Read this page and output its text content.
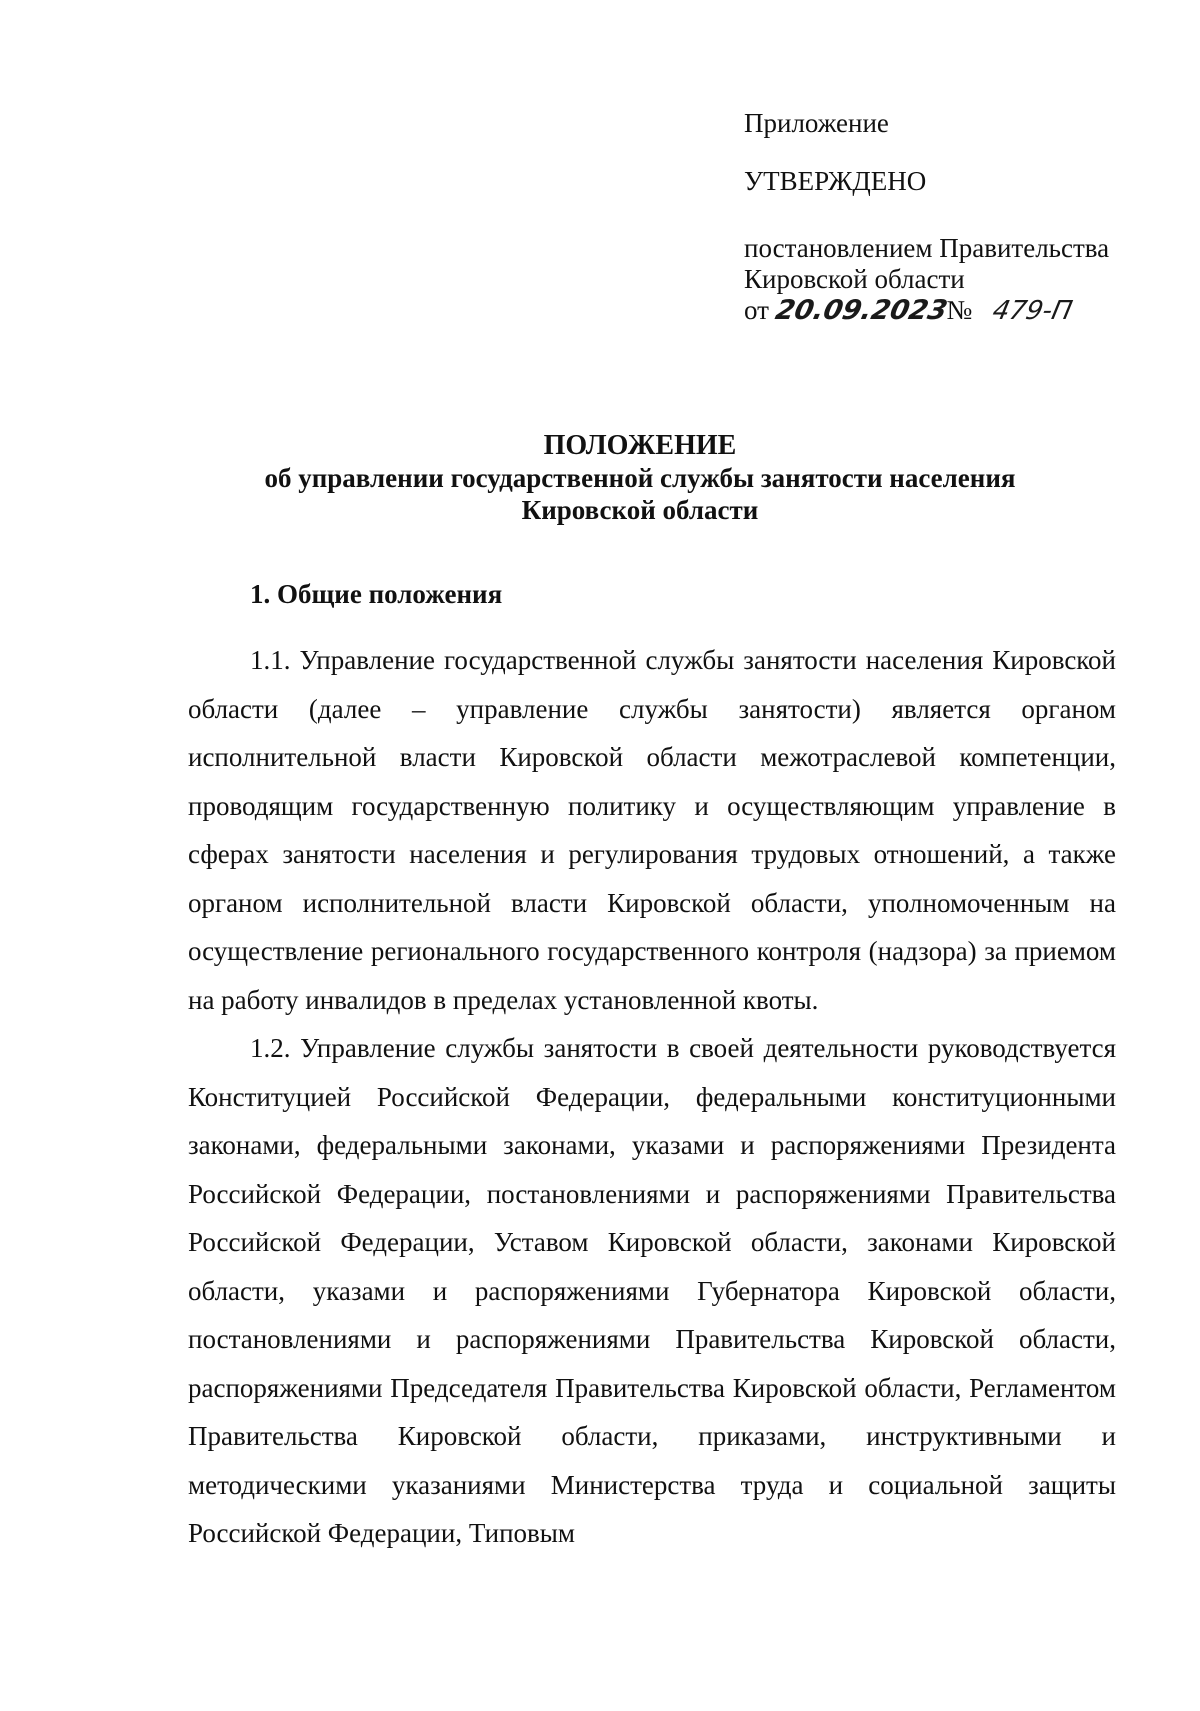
Приложение

УТВЕРЖДЕНО

постановлением Правительства

Кировской области

от 20.09.2023№ 479-П

ПОЛОЖЕНИЕ
об управлении государственной службы занятости населения
Кировской области
1. Общие положения

1.1. Управление государственной службы занятости населения Кировской области (далее – управление службы занятости) является органом исполнительной власти Кировской области межотраслевой компетенции, проводящим государственную политику и осуществляющим управление в сферах занятости населения и регулирования трудовых отношений, а также органом исполнительной власти Кировской области, уполномоченным на осуществление регионального государственного контроля (надзора) за приемом на работу инвалидов в пределах установленной квоты.

1.2. Управление службы занятости в своей деятельности руководствуется Конституцией Российской Федерации, федеральными конституционными законами, федеральными законами, указами и распоряжениями Президента Российской Федерации, постановлениями и распоряжениями Правительства Российской Федерации, Уставом Кировской области, законами Кировской области, указами и распоряжениями Губернатора Кировской области, постановлениями и распоряжениями Правительства Кировской области, распоряжениями Председателя Правительства Кировской области, Регламентом Правительства Кировской области, приказами, инструктивными и методическими указаниями Министерства труда и социальной защиты Российской Федерации, Типовым
